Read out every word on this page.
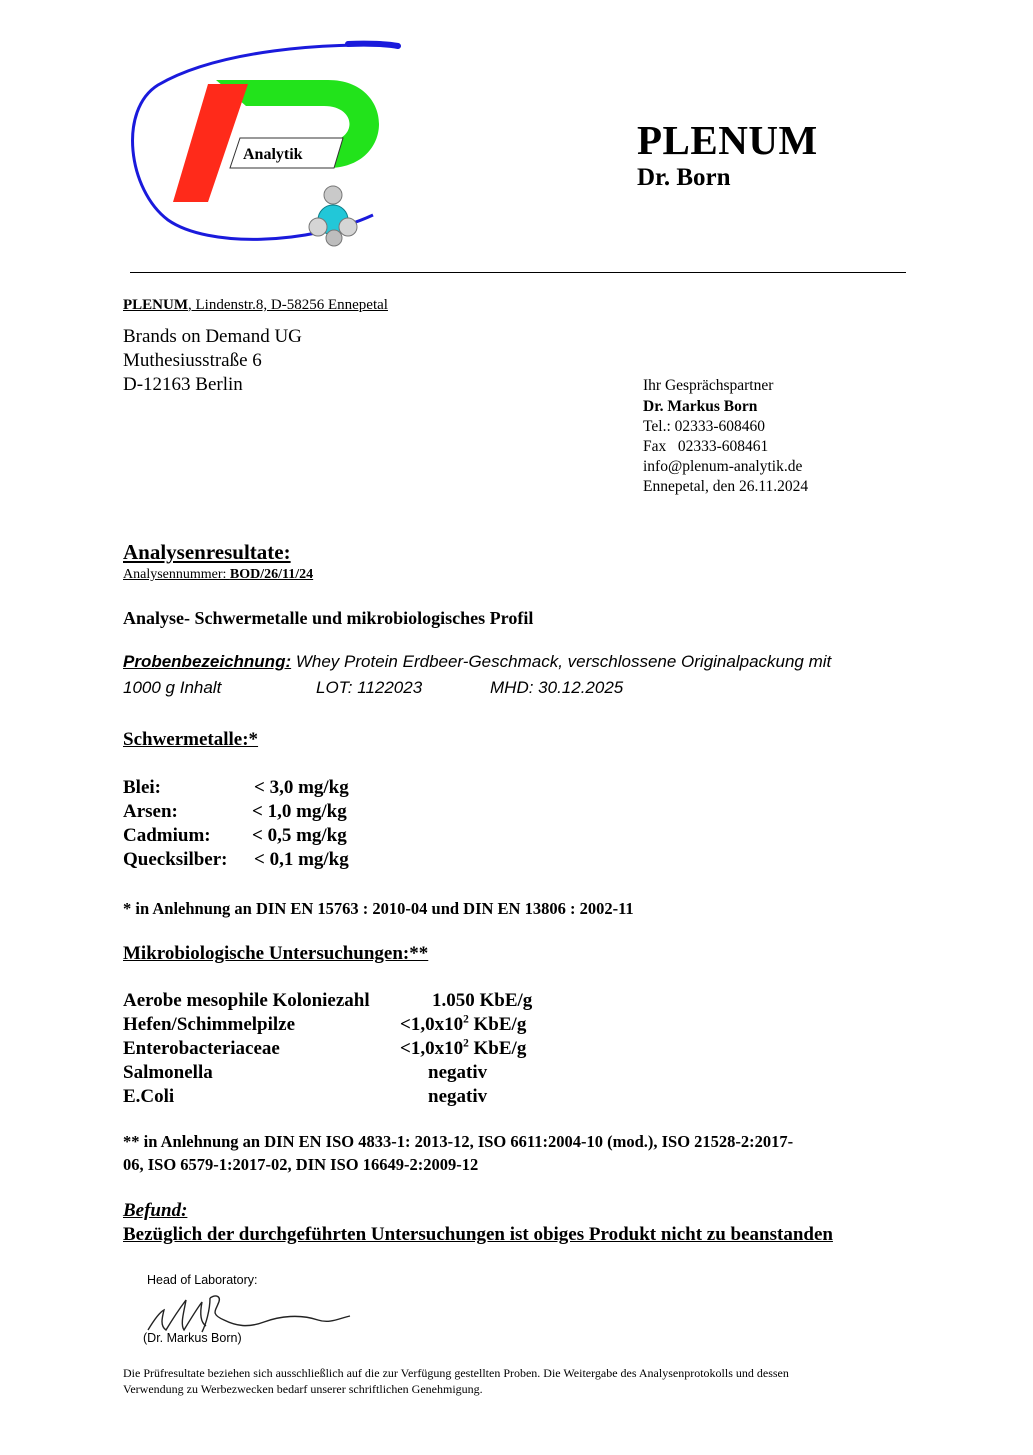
Analytik	PLENUM
Dr. Born
PLENUM, Lindenstr.8, D-58256 Ennepetal
Brands on Demand UG
Muthesiusstraße 6
D-12163 Berlin	Ihr Gesprächspartner
Dr. Markus Born
Tel.: 02333-608460
Fax   02333-608461
info@plenum-analytik.de
Ennepetal, den 26.11.2024
Analysenresultate:
Analysennummer: BOD/26/11/24
Analyse- Schwermetalle und mikrobiologisches Profil
Probenbezeichnung: Whey Protein Erdbeer-Geschmack, verschlossene Originalpackung mit
1000 g Inhalt	LOT: 1122023	MHD: 30.12.2025
Schwermetalle:*
Blei:	< 3,0 mg/kg
Arsen:	< 1,0 mg/kg
Cadmium: < 0,5 mg/kg
Quecksilber: < 0,1 mg/kg
* in Anlehnung an DIN EN 15763 : 2010-04 und DIN EN 13806 : 2002-11
Mikrobiologische Untersuchungen:**
Aerobe mesophile Koloniezahl	1.050 KbE/g
Hefen/Schimmelpilze	$<1,0x10^2$ KbE/g
Enterobacteriaceae	$<1,0x10^2$ KbE/g
Salmonella	negativ
E.Coli	negativ
** in Anlehnung an DIN EN ISO 4833-1: 2013-12, ISO 6611:2004-10 (mod.), ISO 21528-2:2017-
06, ISO 6579-1:2017-02, DIN ISO 16649-2:2009-12
Befund:
Bezüglich der durchgeführten Untersuchungen ist obiges Produkt nicht zu beanstanden
Head of Laboratory:
(Dr. Markus Born)
Die Prüfresultate beziehen sich ausschließlich auf die zur Verfügung gestellten Proben. Die Weitergabe des Analysenprotokolls und dessen
Verwendung zu Werbezwecken bedarf unserer schriftlichen Genehmigung.
